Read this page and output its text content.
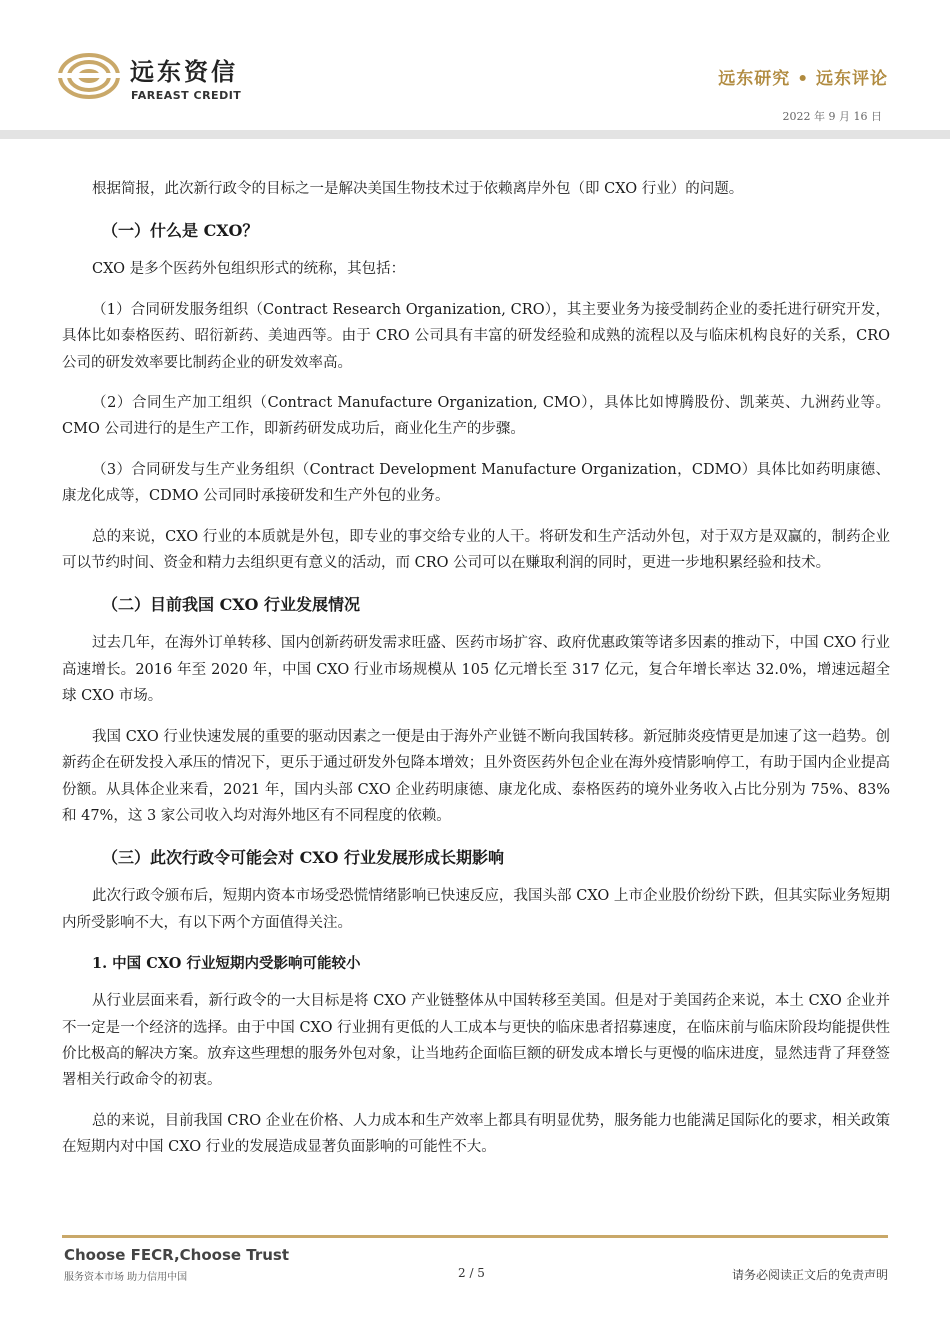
远东资信
FAREAST CREDIT
远东研究 • 远东评论
2022 年 9 月 16 日

根据简报，此次新行政令的目标之一是解决美国生物技术过于依赖离岸外包（即 CXO 行业）的问题。

（一）什么是 CXO？

CXO 是多个医药外包组织形式的统称，其包括：

（1）合同研发服务组织（Contract Research Organization, CRO），其主要业务为接受制药企业的委托进行研究开发，具体比如泰格医药、昭衍新药、美迪西等。由于 CRO 公司具有丰富的研发经验和成熟的流程以及与临床机构良好的关系，CRO 公司的研发效率要比制药企业的研发效率高。

（2）合同生产加工组织（Contract Manufacture Organization, CMO），具体比如博腾股份、凯莱英、九洲药业等。CMO 公司进行的是生产工作，即新药研发成功后，商业化生产的步骤。

（3）合同研发与生产业务组织（Contract Development Manufacture Organization，CDMO）具体比如药明康德、康龙化成等，CDMO 公司同时承接研发和生产外包的业务。

总的来说，CXO 行业的本质就是外包，即专业的事交给专业的人干。将研发和生产活动外包，对于双方是双赢的，制药企业可以节约时间、资金和精力去组织更有意义的活动，而 CRO 公司可以在赚取利润的同时，更进一步地积累经验和技术。

（二）目前我国 CXO 行业发展情况

过去几年，在海外订单转移、国内创新药研发需求旺盛、医药市场扩容、政府优惠政策等诸多因素的推动下，中国 CXO 行业高速增长。2016 年至 2020 年，中国 CXO 行业市场规模从 105 亿元增长至 317 亿元，复合年增长率达 32.0%，增速远超全球 CXO 市场。

我国 CXO 行业快速发展的重要的驱动因素之一便是由于海外产业链不断向我国转移。新冠肺炎疫情更是加速了这一趋势。创新药企在研发投入承压的情况下，更乐于通过研发外包降本增效；且外资医药外包企业在海外疫情影响停工，有助于国内企业提高份额。从具体企业来看，2021 年，国内头部 CXO 企业药明康德、康龙化成、泰格医药的境外业务收入占比分别为 75%、83%和 47%，这 3 家公司收入均对海外地区有不同程度的依赖。

（三）此次行政令可能会对 CXO 行业发展形成长期影响

此次行政令颁布后，短期内资本市场受恐慌情绪影响已快速反应，我国头部 CXO 上市企业股价纷纷下跌，但其实际业务短期内所受影响不大，有以下两个方面值得关注。

1. 中国 CXO 行业短期内受影响可能较小

从行业层面来看，新行政令的一大目标是将 CXO 产业链整体从中国转移至美国。但是对于美国药企来说，本土 CXO 企业并不一定是一个经济的选择。由于中国 CXO 行业拥有更低的人工成本与更快的临床患者招募速度，在临床前与临床阶段均能提供性价比极高的解决方案。放弃这些理想的服务外包对象，让当地药企面临巨额的研发成本增长与更慢的临床进度，显然违背了拜登签署相关行政命令的初衷。

总的来说，目前我国 CRO 企业在价格、人力成本和生产效率上都具有明显优势，服务能力也能满足国际化的要求，相关政策在短期内对中国 CXO 行业的发展造成显著负面影响的可能性不大。

Choose FECR,Choose Trust
服务资本市场 助力信用中国	2 / 5	请务必阅读正文后的免责声明
